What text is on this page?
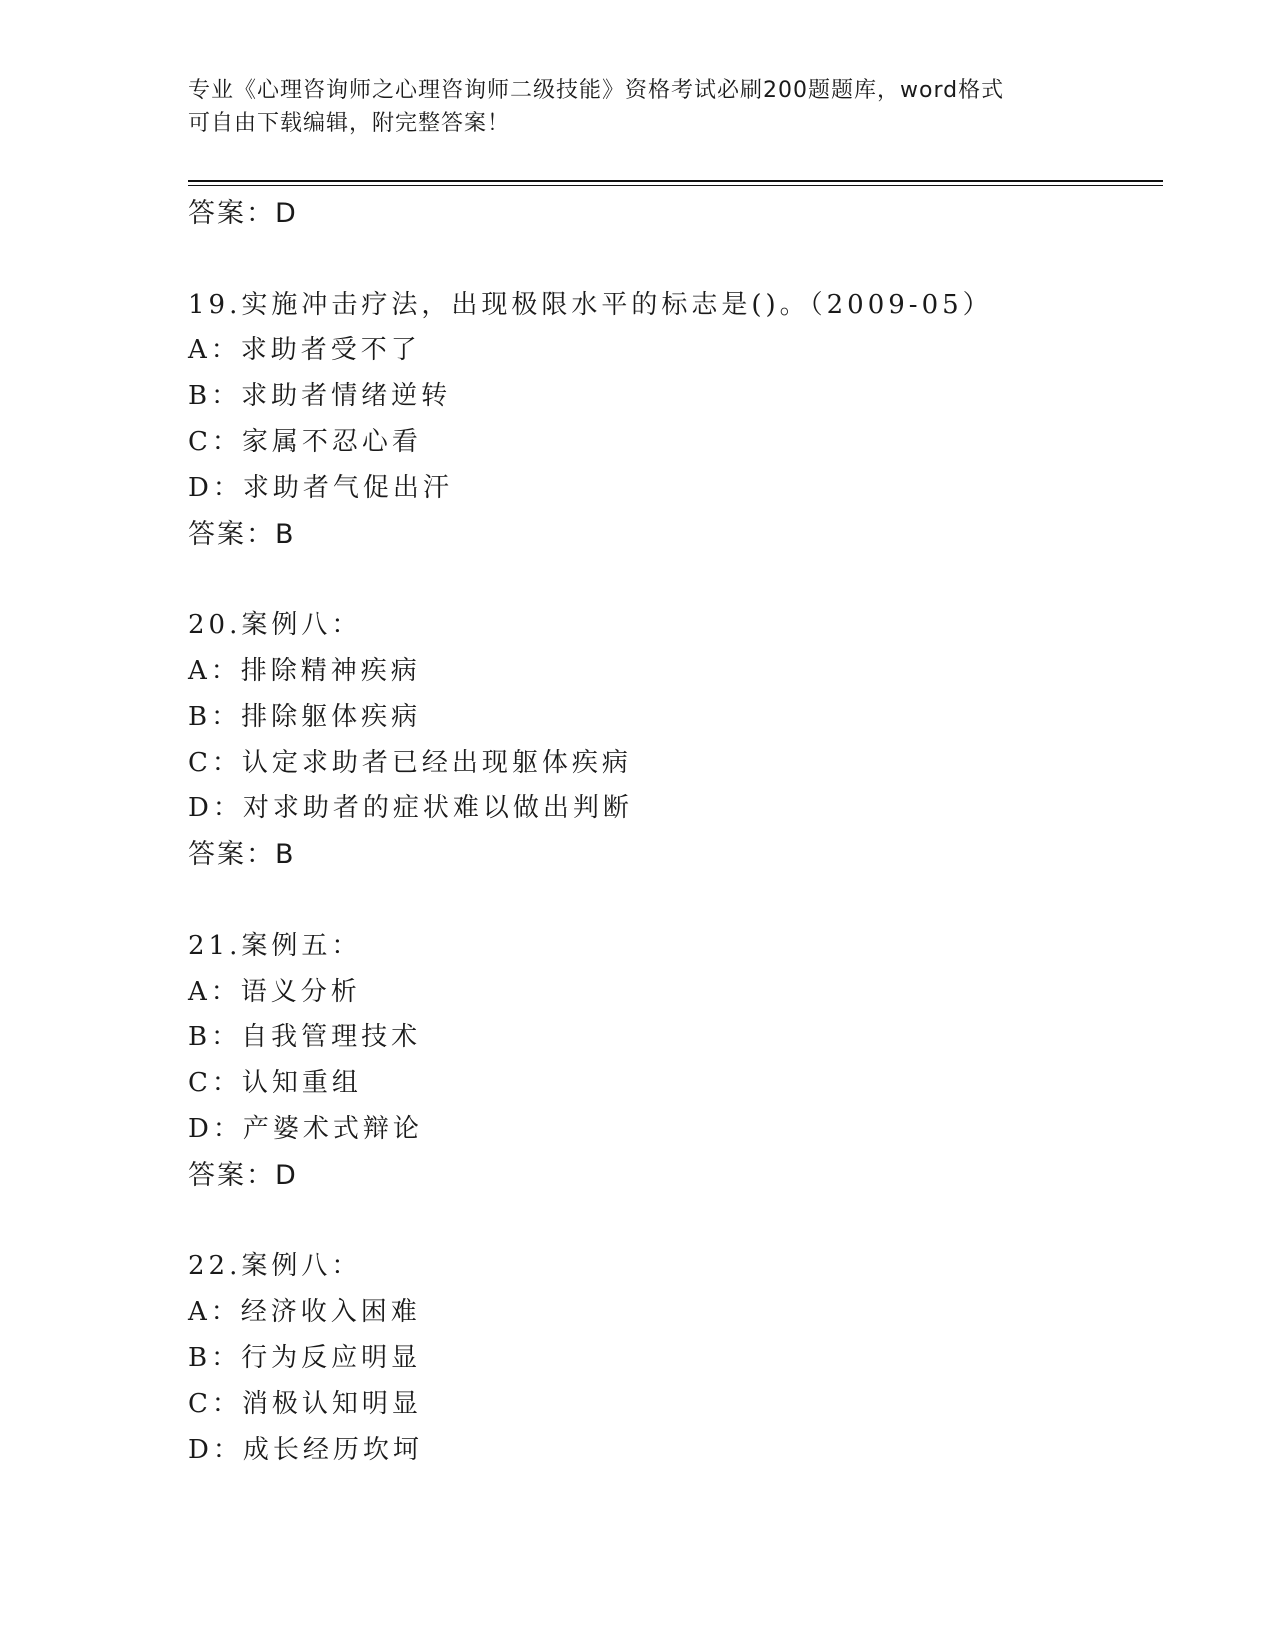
专业《心理咨询师之心理咨询师二级技能》资格考试必刷200题题库，word格式
可自由下载编辑，附完整答案！
答案：D
19.实施冲击疗法，出现极限水平的标志是()。（2009-05）
A：求助者受不了
B：求助者情绪逆转
C：家属不忍心看
D：求助者气促出汗
答案：B
20.案例八：
A：排除精神疾病
B：排除躯体疾病
C：认定求助者已经出现躯体疾病
D：对求助者的症状难以做出判断
答案：B
21.案例五：
A：语义分析
B：自我管理技术
C：认知重组
D：产婆术式辩论
答案：D
22.案例八：
A：经济收入困难
B：行为反应明显
C：消极认知明显
D：成长经历坎坷
